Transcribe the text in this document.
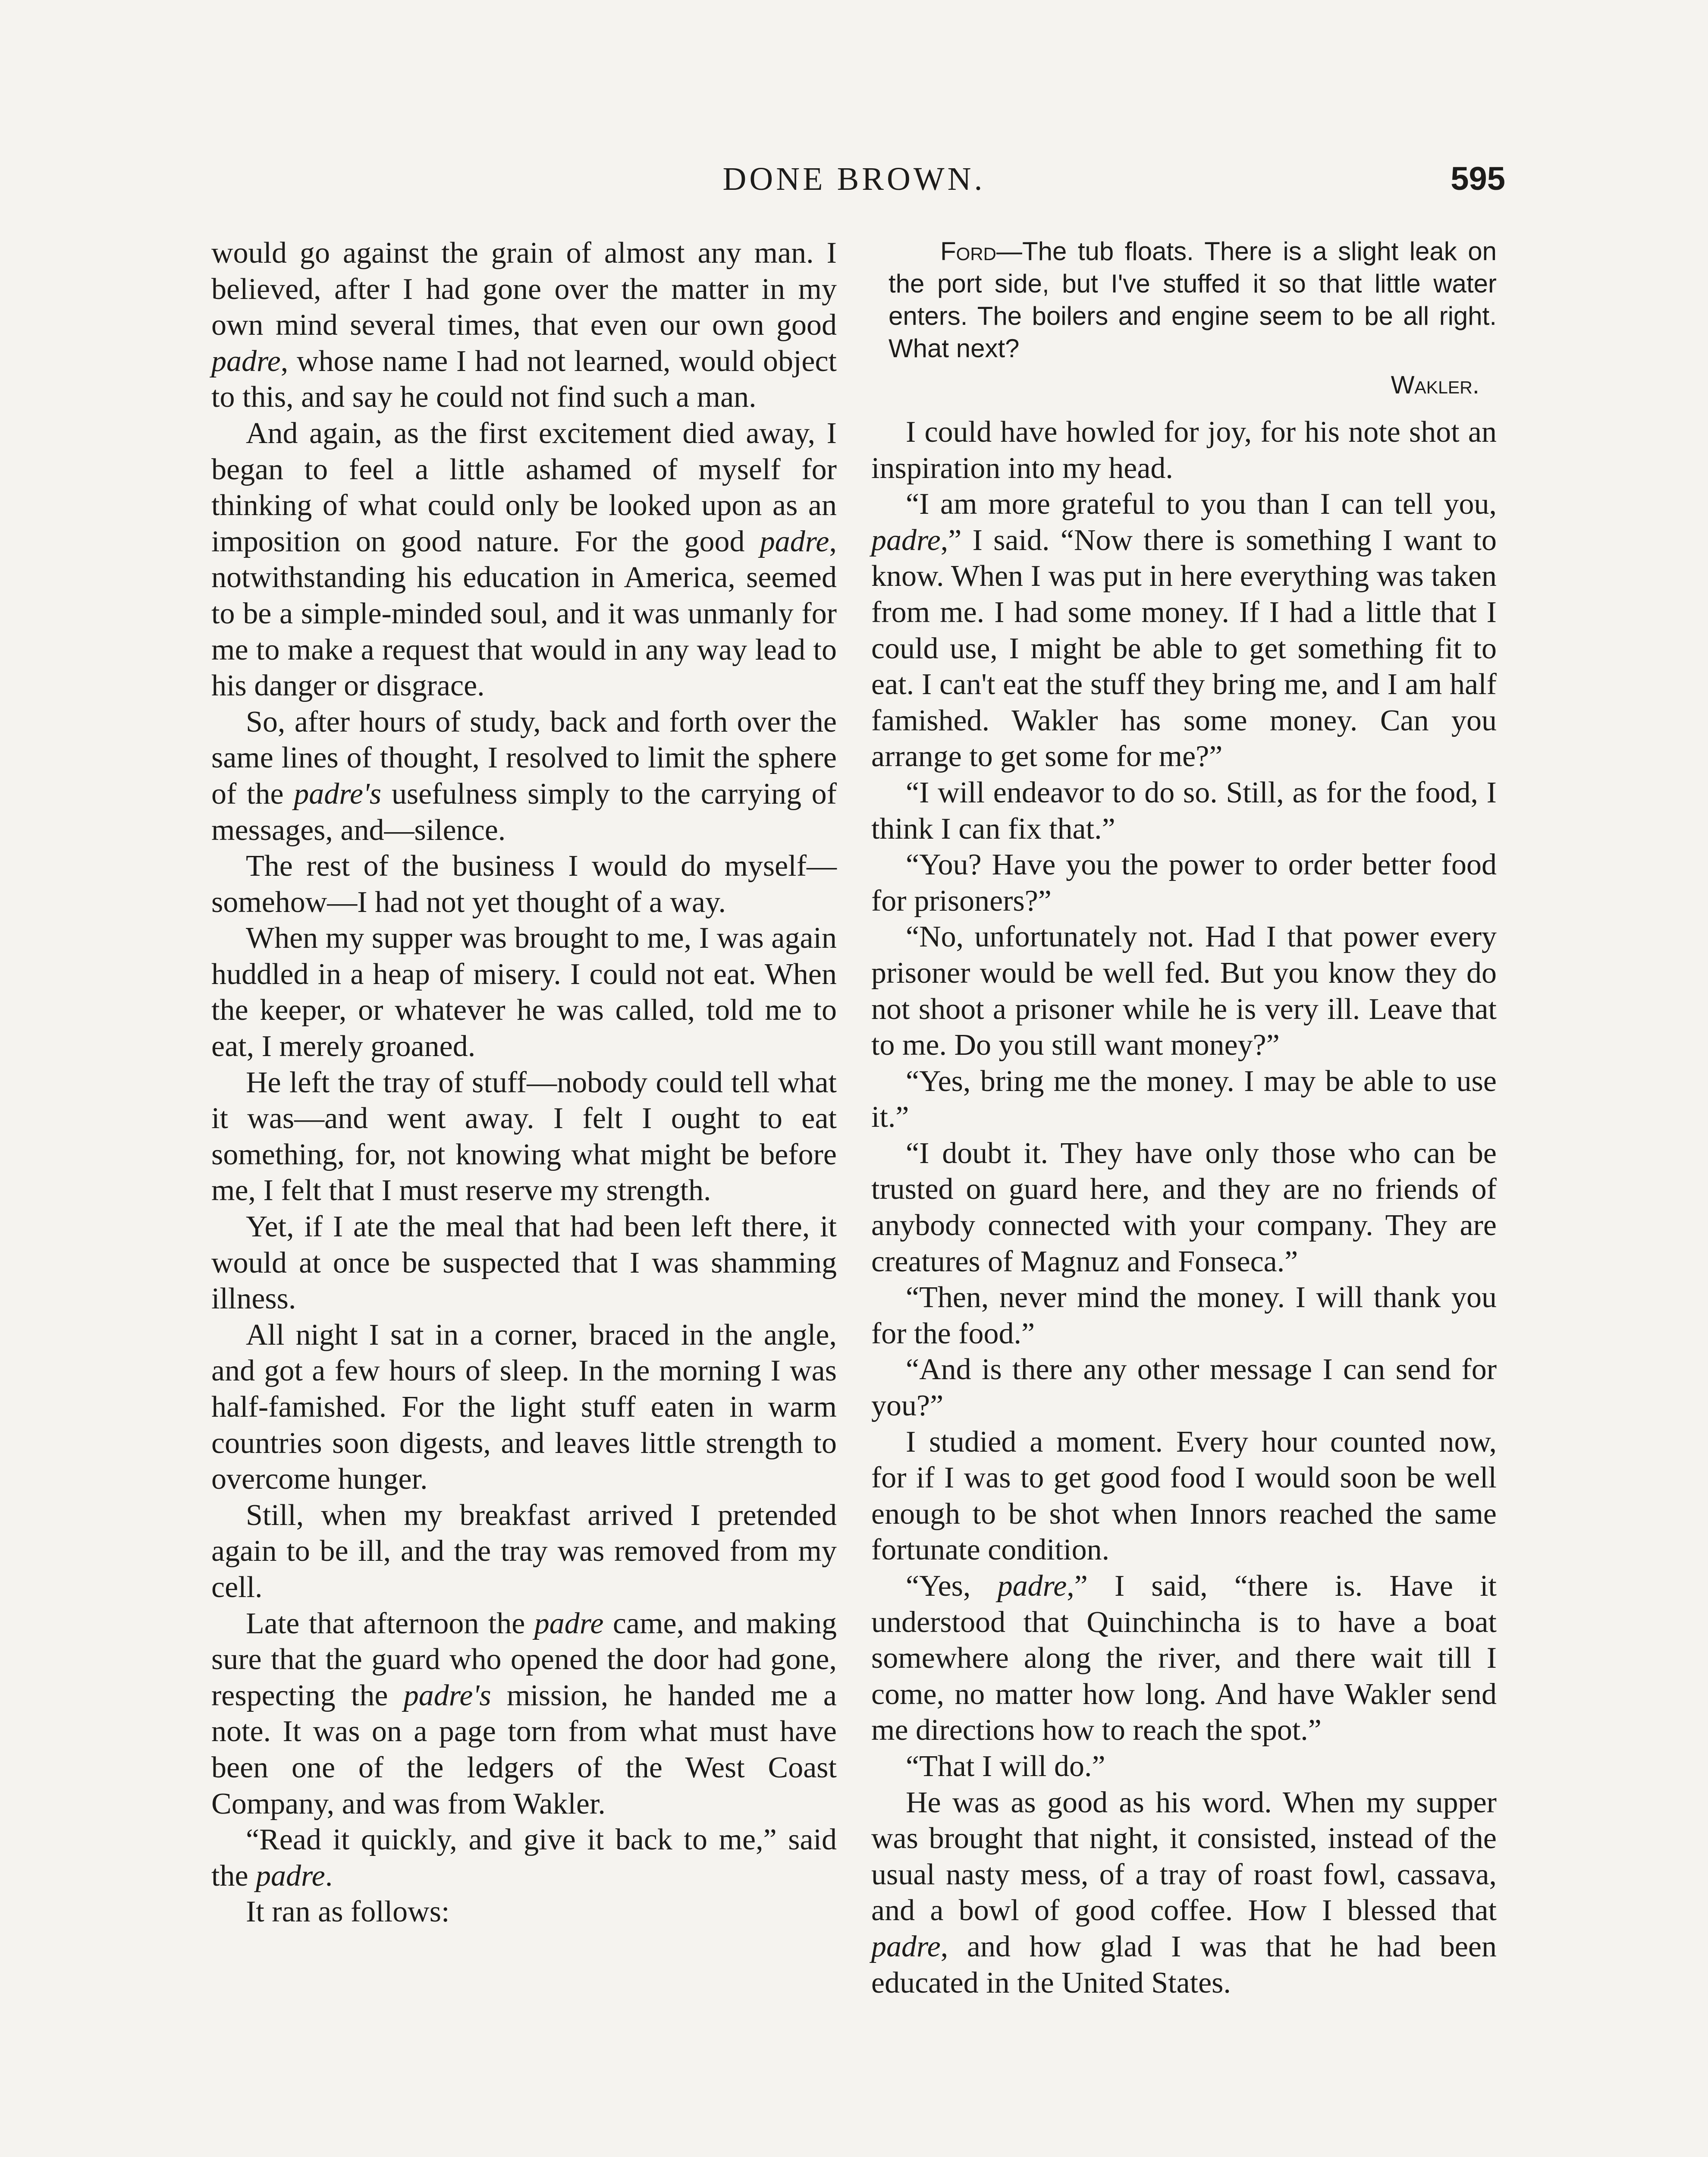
DONE BROWN.	595

would go against the grain of almost any man. I believed, after I had gone over the matter in my own mind several times, that even our own good padre, whose name I had not learned, would object to this, and say he could not find such a man.

And again, as the first excitement died away, I began to feel a little ashamed of myself for thinking of what could only be looked upon as an imposition on good nature. For the good padre, notwithstanding his education in America, seemed to be a simple-minded soul, and it was unmanly for me to make a request that would in any way lead to his danger or disgrace.

So, after hours of study, back and forth over the same lines of thought, I resolved to limit the sphere of the padre's usefulness simply to the carrying of messages, and—silence.

The rest of the business I would do myself—somehow—I had not yet thought of a way.

When my supper was brought to me, I was again huddled in a heap of misery. I could not eat. When the keeper, or whatever he was called, told me to eat, I merely groaned.

He left the tray of stuff—nobody could tell what it was—and went away. I felt I ought to eat something, for, not knowing what might be before me, I felt that I must reserve my strength.

Yet, if I ate the meal that had been left there, it would at once be suspected that I was shamming illness.

All night I sat in a corner, braced in the angle, and got a few hours of sleep. In the morning I was half-famished. For the light stuff eaten in warm countries soon digests, and leaves little strength to overcome hunger.

Still, when my breakfast arrived I pretended again to be ill, and the tray was removed from my cell.

Late that afternoon the padre came, and making sure that the guard who opened the door had gone, respecting the padre's mission, he handed me a note. It was on a page torn from what must have been one of the ledgers of the West Coast Company, and was from Wakler.

“Read it quickly, and give it back to me,” said the padre.

It ran as follows:

Ford—The tub floats. There is a slight leak on the port side, but I've stuffed it so that little water enters. The boilers and engine seem to be all right. What next?

Wakler.

I could have howled for joy, for his note shot an inspiration into my head.

“I am more grateful to you than I can tell you, padre,” I said. “Now there is something I want to know. When I was put in here everything was taken from me. I had some money. If I had a little that I could use, I might be able to get something fit to eat. I can't eat the stuff they bring me, and I am half famished. Wakler has some money. Can you arrange to get some for me?”

“I will endeavor to do so. Still, as for the food, I think I can fix that.”

“You? Have you the power to order better food for prisoners?”

“No, unfortunately not. Had I that power every prisoner would be well fed. But you know they do not shoot a prisoner while he is very ill. Leave that to me. Do you still want money?”

“Yes, bring me the money. I may be able to use it.”

“I doubt it. They have only those who can be trusted on guard here, and they are no friends of anybody connected with your company. They are creatures of Magnuz and Fonseca.”

“Then, never mind the money. I will thank you for the food.”

“And is there any other message I can send for you?”

I studied a moment. Every hour counted now, for if I was to get good food I would soon be well enough to be shot when Innors reached the same fortunate condition.

“Yes, padre,” I said, “there is. Have it understood that Quinchincha is to have a boat somewhere along the river, and there wait till I come, no matter how long. And have Wakler send me directions how to reach the spot.”

“That I will do.”

He was as good as his word. When my supper was brought that night, it consisted, instead of the usual nasty mess, of a tray of roast fowl, cassava, and a bowl of good coffee. How I blessed that padre, and how glad I was that he had been educated in the United States.
